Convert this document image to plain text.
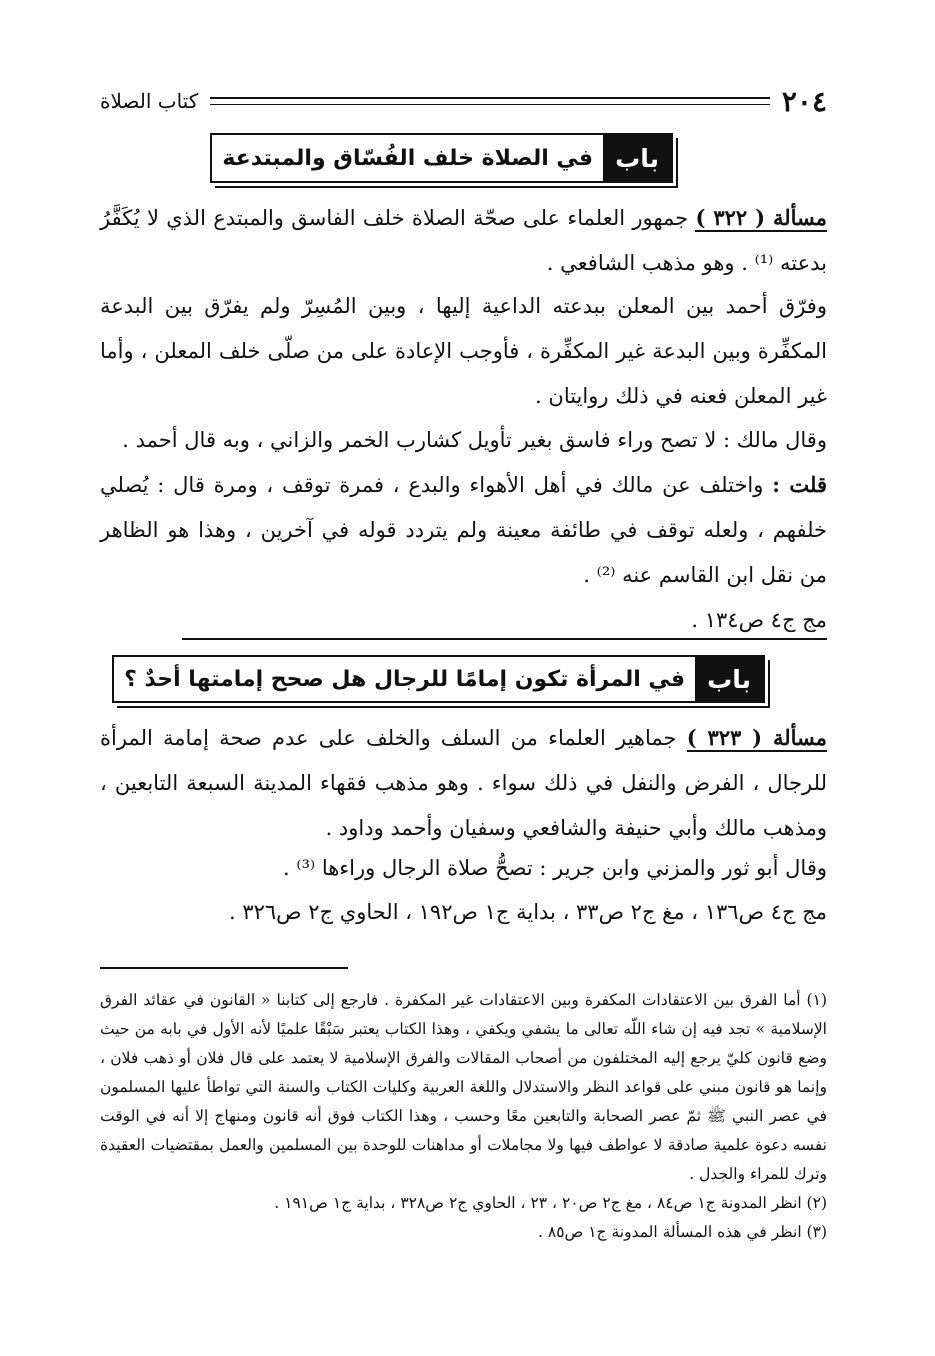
٢٠٤
كتاب الصلاة
باب
في الصلاة خلف الفُسّاق والمبتدعة

مسألة ( ٣٢٢ ) جمهور العلماء على صحّة الصلاة خلف الفاسق والمبتدع الذي لا يُكَفَّرُ بدعته ⁽¹⁾ . وهو مذهب الشافعي .

وفرّق أحمد بين المعلن ببدعته الداعية إليها ، وبين المُسِرّ ولم يفرّق بين البدعة المكفِّرة وبين البدعة غير المكفِّرة ، فأوجب الإعادة على من صلّى خلف المعلن ، وأما غير المعلن فعنه في ذلك روايتان .

وقال مالك : لا تصح وراء فاسق بغير تأويل كشارب الخمر والزاني ، وبه قال أحمد .

قلت : واختلف عن مالك في أهل الأهواء والبدع ، فمرة توقف ، ومرة قال : يُصلي خلفهم ، ولعله توقف في طائفة معينة ولم يتردد قوله في آخرين ، وهذا هو الظاهر من نقل ابن القاسم عنه ⁽²⁾ .

مج ج٤ ص١٣٤ .
باب
في المرأة تكون إمامًا للرجال هل صحح إمامتها أحدٌ ؟

مسألة ( ٣٢٣ ) جماهير العلماء من السلف والخلف على عدم صحة إمامة المرأة للرجال ، الفرض والنفل في ذلك سواء . وهو مذهب فقهاء المدينة السبعة التابعين ، ومذهب مالك وأبي حنيفة والشافعي وسفيان وأحمد وداود .

وقال أبو ثور والمزني وابن جرير : تصحُّ صلاة الرجال وراءها ⁽³⁾ .

مج ج٤ ص١٣٦ ، مغ ج٢ ص٣٣ ، بداية ج١ ص١٩٢ ، الحاوي ج٢ ص٣٢٦ .

(١) أما الفرق بين الاعتقادات المكفرة وبين الاعتقادات غير المكفرة . فارجع إلى كتابنا « القانون في عقائد الفرق الإسلامية » تجد فيه إن شاء اللّه تعالى ما يشفي ويكفي ، وهذا الكتاب يعتبر سَبْقًا علميًا لأنه الأول في بابه من حيث وضع قانون كليّ يرجع إليه المختلفون من أصحاب المقالات والفرق الإسلامية لا يعتمد على قال فلان أو ذهب فلان ، وإنما هو قانون مبني على قواعد النظر والاستدلال واللغة العربية وكليات الكتاب والسنة التي تواطأ عليها المسلمون في عصر النبي ﷺ ثمّ عصر الصحابة والتابعين معًا وحسب ، وهذا الكتاب فوق أنه قانون ومنهاج إلا أنه في الوقت نفسه دعوة علمية صادقة لا عواطف فيها ولا مجاملات أو مداهنات للوحدة بين المسلمين والعمل بمقتضيات العقيدة وترك للمراء والجدل .

(٢) انظر المدونة ج١ ص٨٤ ، مغ ج٢ ص٢٠ ، ٢٣ ، الحاوي ج٢ ص٣٢٨ ، بداية ج١ ص١٩١ .

(٣) انظر في هذه المسألة المدونة ج١ ص٨٥ .
